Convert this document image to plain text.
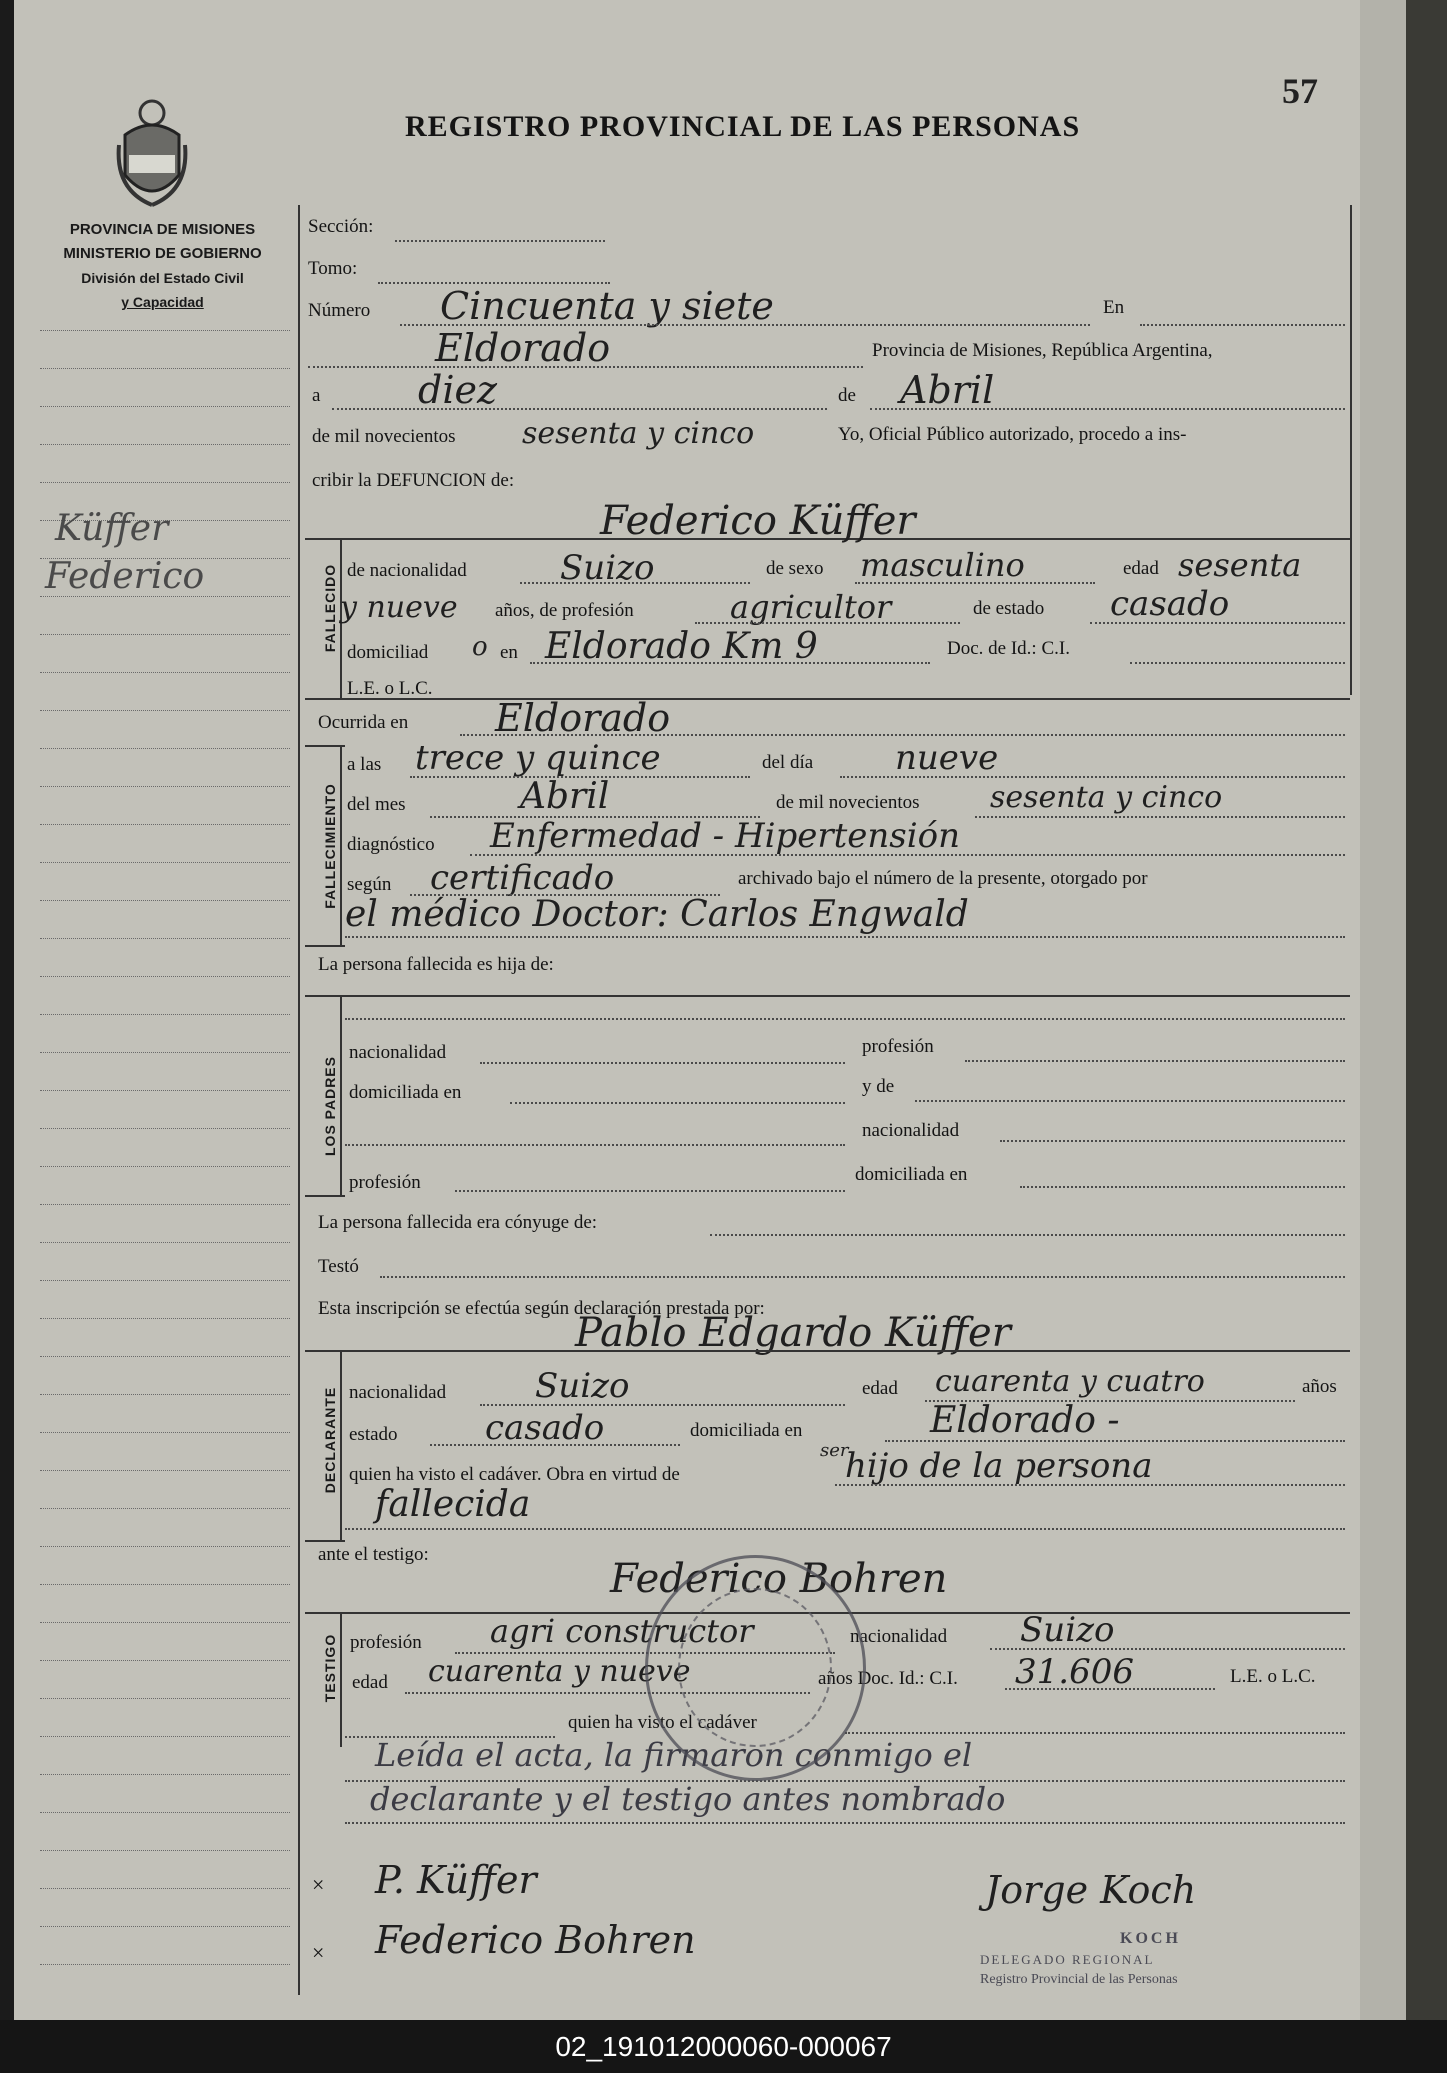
57
REGISTRO PROVINCIAL DE LAS PERSONAS
PROVINCIA DE MISIONES
MINISTERIO DE GOBIERNO
División del Estado Civil
y Capacidad
Küffer
Federico
Sección:
Tomo:
Número Cincuenta y siete	En
Eldorado	Provincia de Misiones, República Argentina,
a	diez	de Abril
de mil novecientos sesenta y cinco	Yo, Oficial Público autorizado, procedo a ins-
cribir la DEFUNCION de:
FALLECIDO
Federico Küffer
de nacionalidad	Suizo	de sexo masculino	edad sesenta
y nueve años, de profesión	agricultor	de estado casado
domiciliad o en Eldorado Km 9	Doc. de Id.: C.I.
L.E. o L.C.
Ocurrida en Eldorado
FALLECIMIENTO
a las trece y quince	del día nueve
del mes	Abril	de mil novecientos sesenta y cinco
diagnóstico Enfermedad - Hipertensión
según certificado	archivado bajo el número de la presente, otorgado por
el médico Doctor: Carlos Engwald
La persona fallecida es hija de:
LOS PADRES
nacionalidad	profesión
domiciliada en	y de
nacionalidad
profesión	domiciliada en
La persona fallecida era cónyuge de:
Testó
Esta inscripción se efectúa según declaración prestada por:
Pablo Edgardo Küffer
DECLARANTE nacionalidad	Suizo	edad cuarenta y cuatro	años
estado	casado	domiciliada en	Eldorado -
quien ha visto el cadáver. Obra en virtud de
ser
hijo de la persona
fallecida
ante el testigo:
Federico Bohren
TESTIGO profesión agri constructor	nacionalidad Suizo
edad cuarenta y nueve	años Doc. Id.: C.I. 31.606	L.E. o L.C.
quien ha visto el cadáver
Leída el acta, la firmaron conmigo el
declarante y el testigo antes nombrado
× P. Küffer
× Federico Bohren
Jorge Koch
KOCH
DELEGADO REGIONAL
Registro Provincial de las Personas
02_191012000060-000067
